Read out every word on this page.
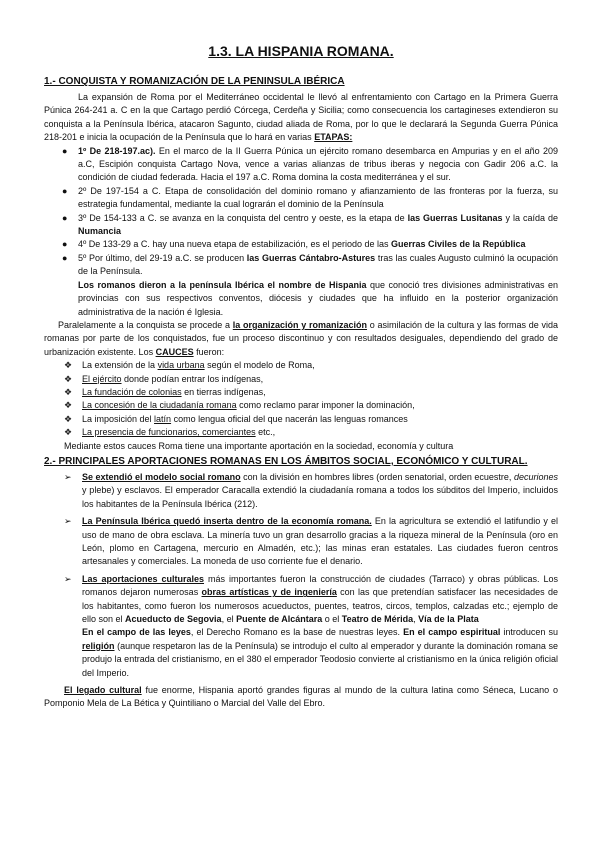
1.3. LA HISPANIA ROMANA.
1.- CONQUISTA Y ROMANIZACIÓN DE LA PENINSULA IBÉRICA

La expansión de Roma por el Mediterráneo occidental le llevó al enfrentamiento con Cartago en la Primera Guerra Púnica 264-241 a. C en la que Cartago perdió Córcega, Cerdeña y Sicilia; como consecuencia los cartagineses extendieron su conquista a la Península Ibérica, atacaron Sagunto, ciudad aliada de Roma, por lo que le declarará la Segunda Guerra Púnica 218-201 e inicia la ocupación de la Península que lo hará en varias ETAPAS:

● 1º De 218-197.ac). En el marco de la II Guerra Púnica un ejército romano desembarca en Ampurias y en el año 209 a.C, Escipión conquista Cartago Nova, vence a varias alianzas de tribus iberas y negocia con Gadir 206 a.C. la condición de ciudad federada. Hacia el 197 a.C. Roma domina la costa mediterránea y el sur.
● 2º De 197-154 a C. Etapa de consolidación del dominio romano y afianzamiento de las fronteras por la fuerza, su estrategia fundamental, mediante la cual lograrán el dominio de la Península
● 3º De 154-133 a C. se avanza en la conquista del centro y oeste, es la etapa de las Guerras Lusitanas y la caída de Numancia
● 4º De 133-29 a C. hay una nueva etapa de estabilización, es el periodo de las Guerras Civiles de la República
● 5º Por último, del 29-19 a.C. se producen las Guerras Cántabro-Astures tras las cuales Augusto culminó la ocupación de la Península.

Los romanos dieron a la península Ibérica el nombre de Hispania que conoció tres divisiones administrativas en provincias con sus respectivos conventos, diócesis y ciudades que ha influido en la posterior organización administrativa de la nación é Iglesia.

Paralelamente a la conquista se procede a la organización y romanización o asimilación de la cultura y las formas de vida romanas por parte de los conquistados, fue un proceso discontinuo y con resultados desiguales, dependiendo del grado de urbanización existente. Los CAUCES fueron:

❖ La extensión de la vida urbana según el modelo de Roma,
❖ El ejército donde podían entrar los indígenas,
❖ La fundación de colonias en tierras indígenas,
❖ La concesión de la ciudadanía romana como reclamo parar imponer la dominación,
❖ La imposición del latín como lengua oficial del que nacerán las lenguas romances
❖ La presencia de funcionarios, comerciantes etc.,

Mediante estos cauces Roma tiene una importante aportación en la sociedad, economía y cultura

2.- PRINCIPALES APORTACIONES ROMANAS EN LOS ÁMBITOS SOCIAL, ECONÓMICO Y CULTURAL.
➢ Se extendió el modelo social romano con la división en hombres libres (orden senatorial, orden ecuestre, decuriones y plebe) y esclavos. El emperador Caracalla extendió la ciudadanía romana a todos los súbditos del Imperio, incluidos los habitantes de la Península Ibérica (212).
➢ La Península Ibérica quedó inserta dentro de la economía romana. En la agricultura se extendió el latifundio y el uso de mano de obra esclava. La minería tuvo un gran desarrollo gracias a la riqueza mineral de la Península (oro en León, plomo en Cartagena, mercurio en Almadén, etc.); las minas eran estatales. Las ciudades fueron centros artesanales y comerciales. La moneda de uso corriente fue el denario.
➢ Las aportaciones culturales más importantes fueron la construcción de ciudades (Tarraco) y obras públicas. Los romanos dejaron numerosas obras artísticas y de ingeniería con las que pretendían satisfacer las necesidades de los habitantes, como fueron los numerosos acueductos, puentes, teatros, circos, templos, calzadas etc.; ejemplo de ello son el Acueducto de Segovia, el Puente de Alcántara o el Teatro de Mérida, Vía de la Plata
En el campo de las leyes, el Derecho Romano es la base de nuestras leyes. En el campo espiritual introducen su religión (aunque respetaron las de la Península) se introdujo el culto al emperador y durante la dominación romana se produjo la entrada del cristianismo, en el 380 el emperador Teodosio convierte al cristianismo en la única religión oficial del Imperio.

El legado cultural fue enorme, Hispania aportó grandes figuras al mundo de la cultura latina como Séneca, Lucano o Pomponio Mela de La Bética y Quintiliano o Marcial del Valle del Ebro.
